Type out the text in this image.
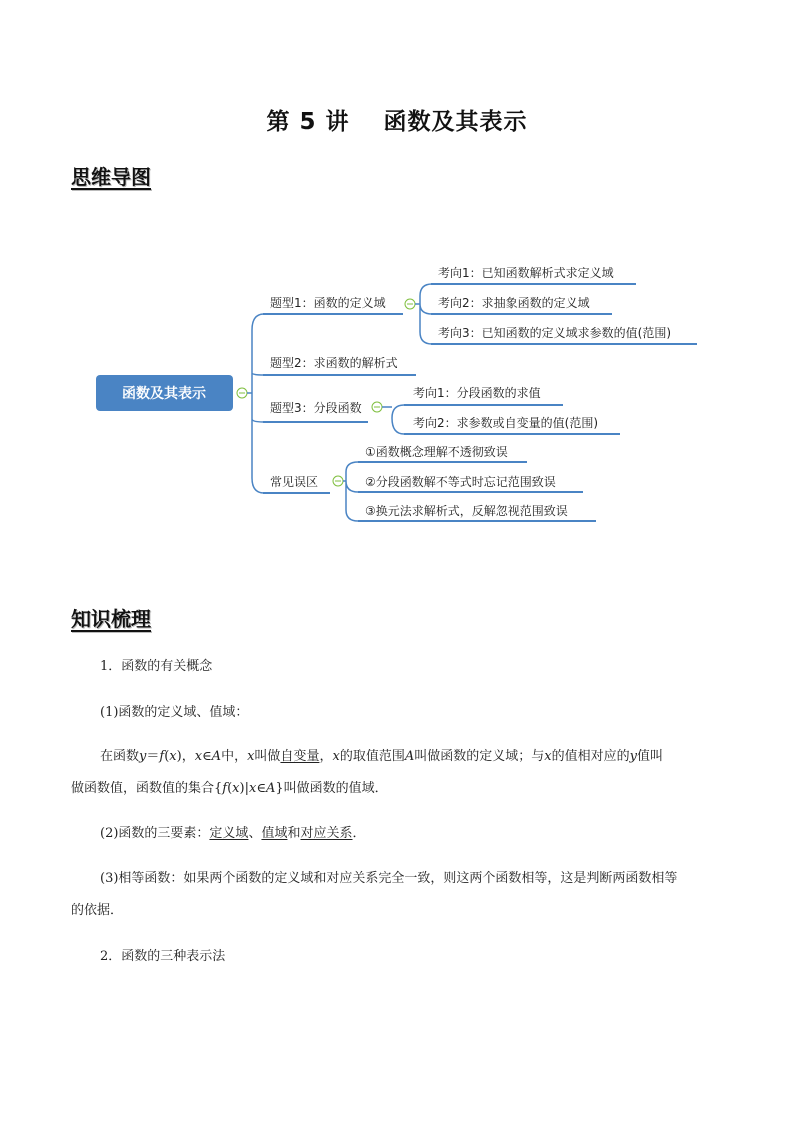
第 5 讲 函数及其表示
思维导图
函数及其表示
题型1：函数的定义域
考向1：已知函数解析式求定义域
考向2：求抽象函数的定义域
考向3：已知函数的定义域求参数的值(范围)
题型2：求函数的解析式
题型3：分段函数
考向1：分段函数的求值
考向2：求参数或自变量的值(范围)
常见误区
①函数概念理解不透彻致误
②分段函数解不等式时忘记范围致误
③换元法求解析式，反解忽视范围致误
知识梳理

1．函数的有关概念

(1)函数的定义域、值域：

在函数y＝f(x)，x∈A中，x叫做自变量，x的取值范围A叫做函数的定义域；与x的值相对应的y值叫

做函数值，函数值的集合{f(x)|x∈A}叫做函数的值域．

(2)函数的三要素：定义域、值域和对应关系．

(3)相等函数：如果两个函数的定义域和对应关系完全一致，则这两个函数相等，这是判断两函数相等

的依据．

2．函数的三种表示法
